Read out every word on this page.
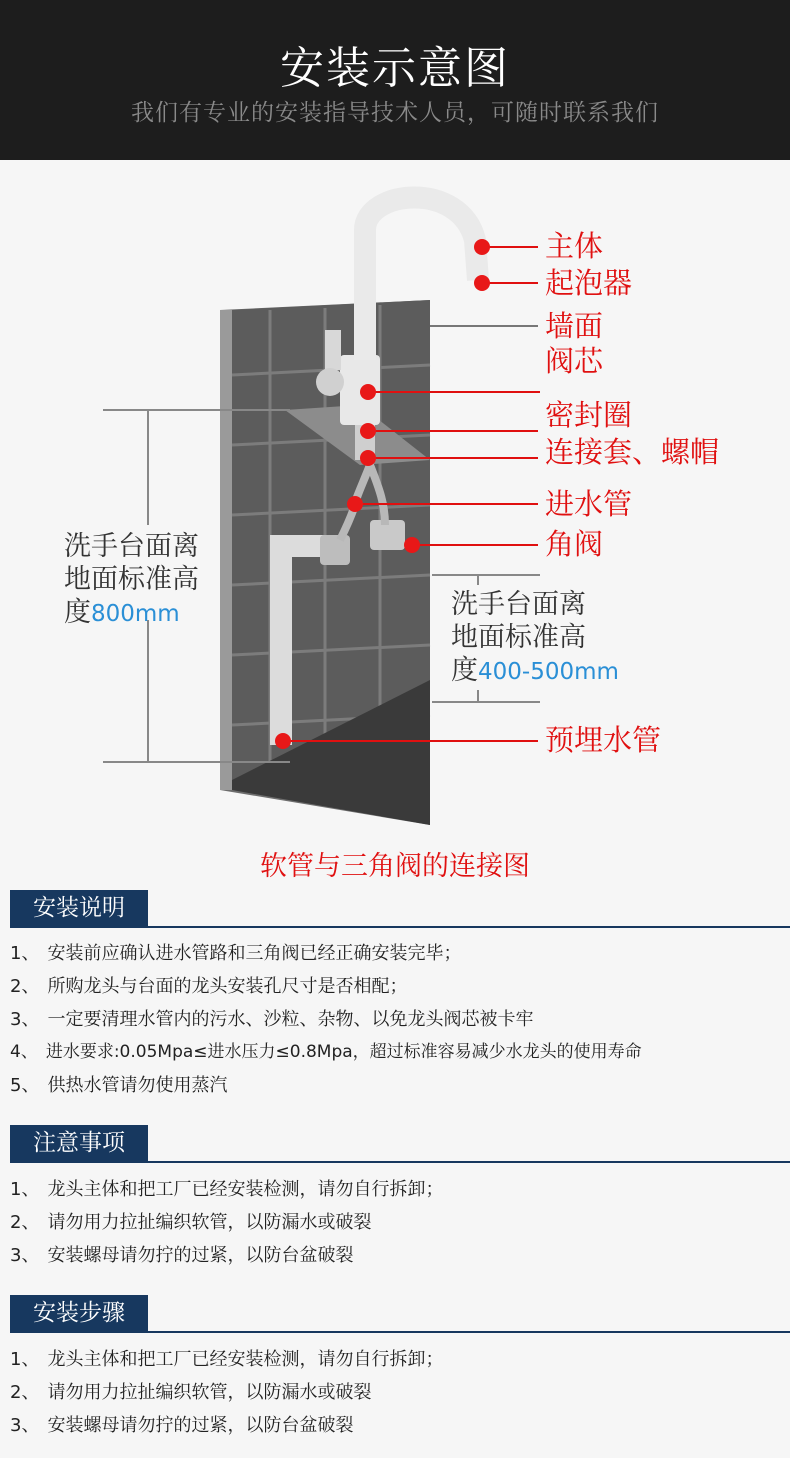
安装示意图
我们有专业的安装指导技术人员，可随时联系我们
主体
起泡器
墙面
阀芯
密封圈
连接套、螺帽
进水管
角阀
预埋水管
洗手台面离
地面标准高
度800mm	洗手台面离
地面标准高
度400-500mm
软管与三角阀的连接图
安装说明
1、 安装前应确认进水管路和三角阀已经正确安装完毕；
2、 所购龙头与台面的龙头安装孔尺寸是否相配；
3、 一定要清理水管内的污水、沙粒、杂物、以免龙头阀芯被卡牢
4、 进水要求:0.05Mpa≤进水压力≤0.8Mpa，超过标准容易减少水龙头的使用寿命
5、 供热水管请勿使用蒸汽
注意事项
1、 龙头主体和把工厂已经安装检测，请勿自行拆卸；
2、 请勿用力拉扯编织软管，以防漏水或破裂
3、 安装螺母请勿拧的过紧，以防台盆破裂
安装步骤
1、 龙头主体和把工厂已经安装检测，请勿自行拆卸；
2、 请勿用力拉扯编织软管，以防漏水或破裂
3、 安装螺母请勿拧的过紧，以防台盆破裂
